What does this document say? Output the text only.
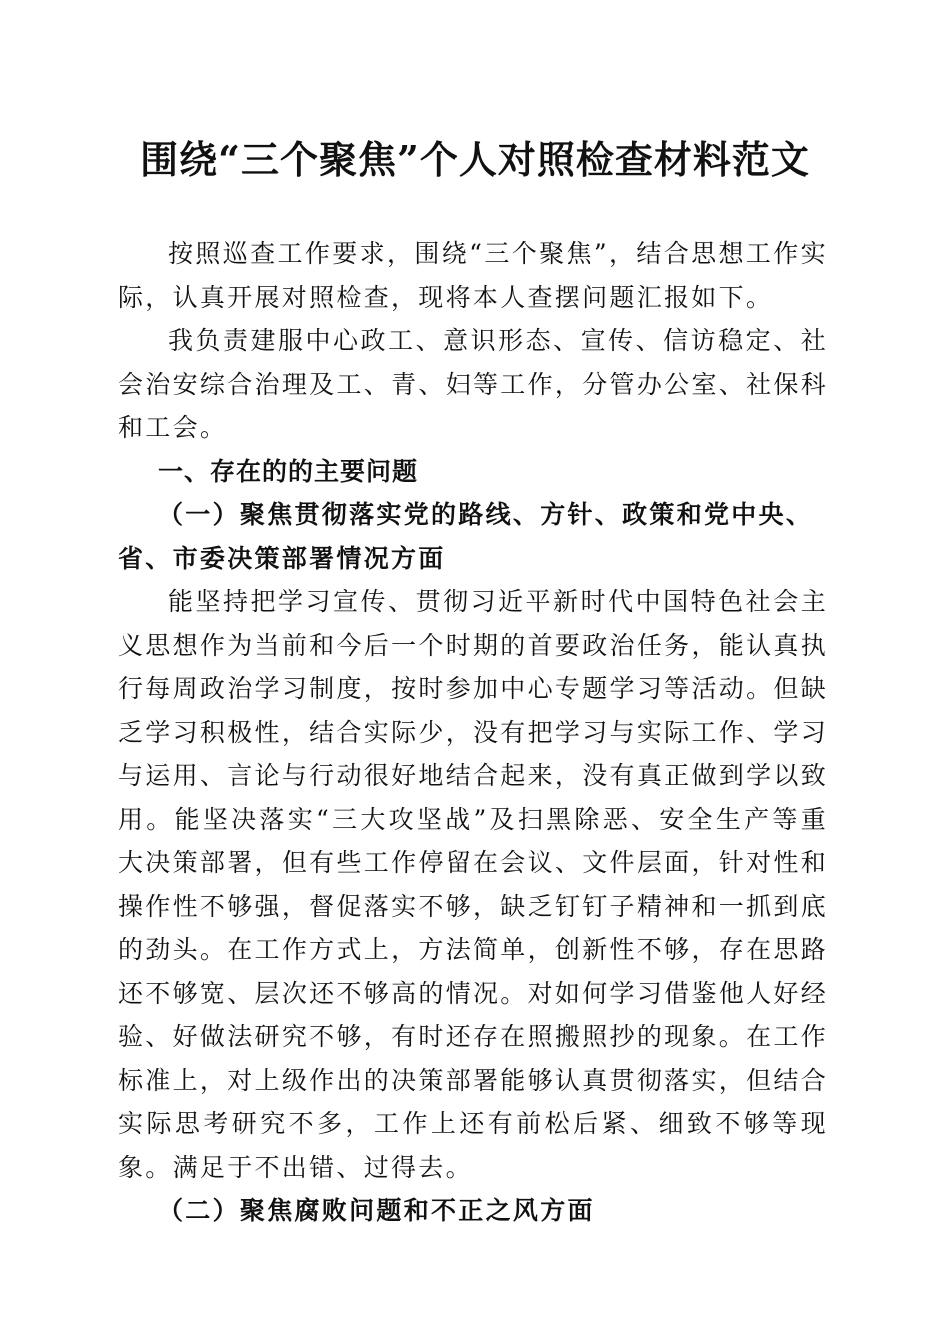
围绕“三个聚焦”个人对照检查材料范文

按照巡查工作要求，围绕“三个聚焦”，结合思想工作实际，认真开展对照检查，现将本人查摆问题汇报如下。

我负责建服中心政工、意识形态、宣传、信访稳定、社会治安综合治理及工、青、妇等工作，分管办公室、社保科和工会。

一、存在的的主要问题

（一）聚焦贯彻落实党的路线、方针、政策和党中央、省、市委决策部署情况方面

能坚持把学习宣传、贯彻习近平新时代中国特色社会主义思想作为当前和今后一个时期的首要政治任务，能认真执行每周政治学习制度，按时参加中心专题学习等活动。但缺乏学习积极性，结合实际少，没有把学习与实际工作、学习与运用、言论与行动很好地结合起来，没有真正做到学以致用。能坚决落实“三大攻坚战”及扫黑除恶、安全生产等重大决策部署，但有些工作停留在会议、文件层面，针对性和操作性不够强，督促落实不够，缺乏钉钉子精神和一抓到底的劲头。在工作方式上，方法简单，创新性不够，存在思路还不够宽、层次还不够高的情况。对如何学习借鉴他人好经验、好做法研究不够，有时还存在照搬照抄的现象。在工作标准上，对上级作出的决策部署能够认真贯彻落实，但结合实际思考研究不多，工作上还有前松后紧、细致不够等现象。满足于不出错、过得去。

（二）聚焦腐败问题和不正之风方面
